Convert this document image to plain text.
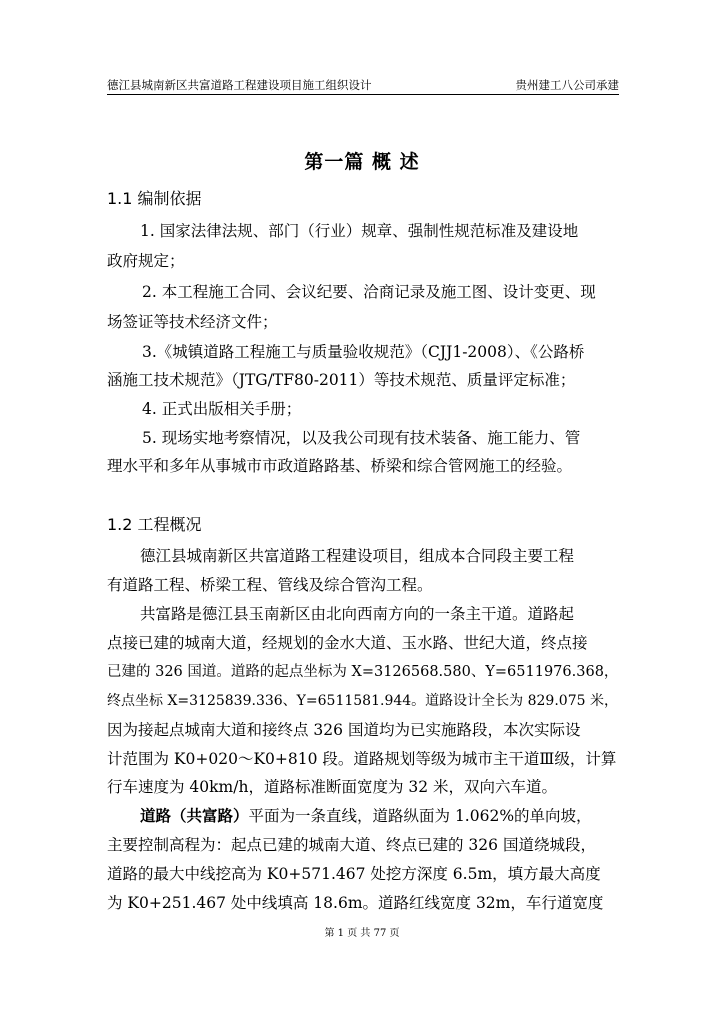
德江县城南新区共富道路工程建设项目施工组织设计	贵州建工八公司承建
第一篇 概 述
1.1 编制依据
1. 国家法律法规、部门（行业）规章、强制性规范标准及建设地
政府规定；
2. 本工程施工合同、会议纪要、洽商记录及施工图、设计变更、现
场签证等技术经济文件；
3.《城镇道路工程施工与质量验收规范》（CJJ1-2008）、《公路桥
涵施工技术规范》（JTG/TF80-2011）等技术规范、质量评定标准；
4. 正式出版相关手册；
5. 现场实地考察情况，以及我公司现有技术装备、施工能力、管
理水平和多年从事城市市政道路路基、桥梁和综合管网施工的经验。
1.2 工程概况
德江县城南新区共富道路工程建设项目，组成本合同段主要工程
有道路工程、桥梁工程、管线及综合管沟工程。
共富路是德江县玉南新区由北向西南方向的一条主干道。道路起
点接已建的城南大道，经规划的金水大道、玉水路、世纪大道，终点接
已建的 326 国道。道路的起点坐标为 X=3126568.580、Y=6511976.368，
终点坐标 X=3125839.336、Y=6511581.944。道路设计全长为 829.075 米，
因为接起点城南大道和接终点 326 国道均为已实施路段，本次实际设
计范围为 K0+020～K0+810 段。道路规划等级为城市主干道Ⅲ级，计算
行车速度为 40km/h，道路标准断面宽度为 32 米，双向六车道。
道路（共富路）平面为一条直线，道路纵面为 1.062%的单向坡，
主要控制高程为：起点已建的城南大道、终点已建的 326 国道绕城段，
道路的最大中线挖高为 K0+571.467 处挖方深度 6.5m，填方最大高度
为 K0+251.467 处中线填高 18.6m。道路红线宽度 32m，车行道宽度
第 1 页 共 77 页
